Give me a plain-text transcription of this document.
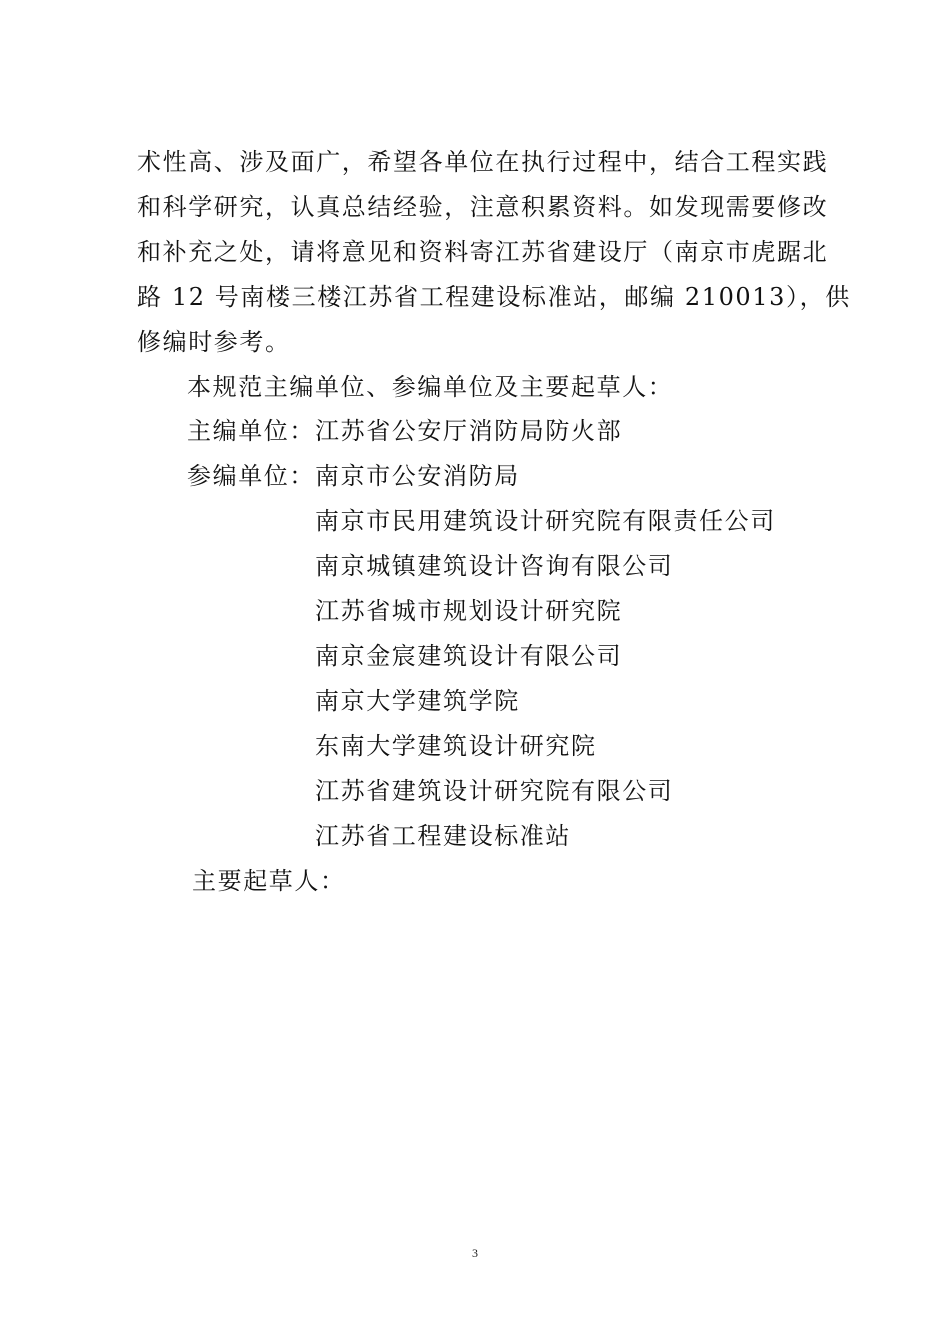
术性高、涉及面广，希望各单位在执行过程中，结合工程实践
和科学研究，认真总结经验，注意积累资料。如发现需要修改
和补充之处，请将意见和资料寄江苏省建设厅（南京市虎踞北
路 12 号南楼三楼江苏省工程建设标准站，邮编 210013），供
修编时参考。
本规范主编单位、参编单位及主要起草人：
主编单位： 江苏省公安厅消防局防火部
参编单位： 南京市公安消防局
南京市民用建筑设计研究院有限责任公司
南京城镇建筑设计咨询有限公司
江苏省城市规划设计研究院
南京金宸建筑设计有限公司
南京大学建筑学院
东南大学建筑设计研究院
江苏省建筑设计研究院有限公司
江苏省工程建设标准站
主要起草人：
3
